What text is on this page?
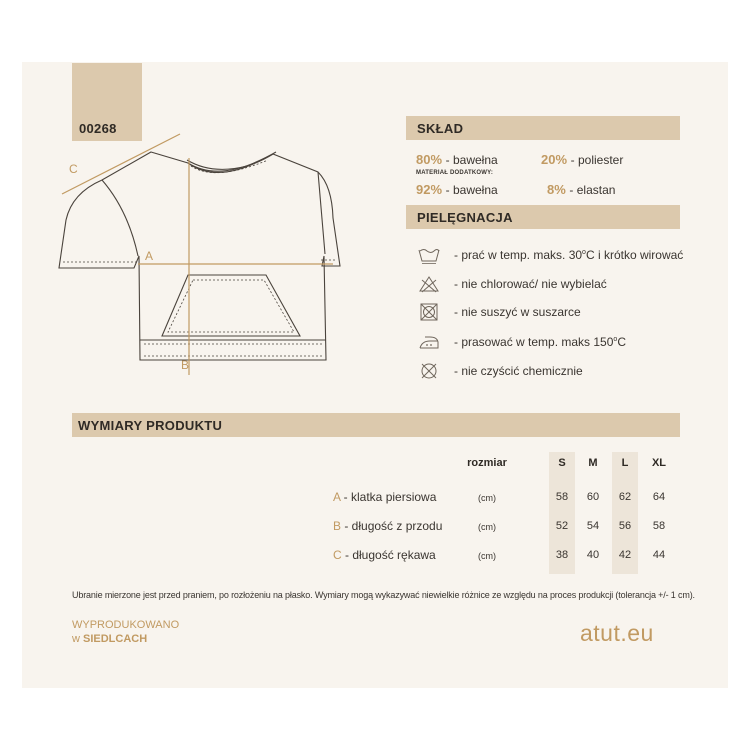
00268
C
A
B
SKŁAD
80% - bawełna	20% - poliester
MATERIAŁ DODATKOWY:
92% - bawełna	8% - elastan
PIELĘGNACJA
- prać w temp. maks. 30$^o$C i krótko wirować
- nie chlorować/ nie wybielać
- nie suszyć w suszarce
- prasować w temp. maks 150$^o$C
- nie czyścić chemicznie
WYMIARY PRODUKTU
rozmiar	S	M	L	XL
A - klatka piersiowa	(cm)	58	60	62	64
B - długość z przodu	(cm)	52	54	56	58
C - długość rękawa	(cm)	38	40	42	44
Ubranie mierzone jest przed praniem, po rozłożeniu na płasko. Wymiary mogą wykazywać niewielkie różnice ze względu na proces produkcji (tolerancja +/- 1 cm).
WYPRODUKOWANO
w SIEDLCACH	atut.eu
